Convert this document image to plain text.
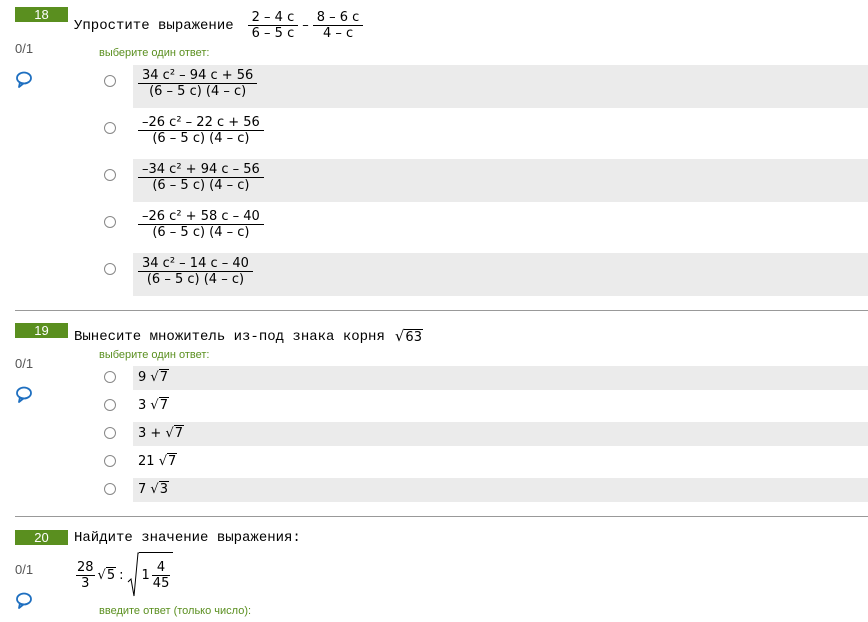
18
0/1
Упростите выражение $\frac{2 - 4 c}{6 - 5 c} - \frac{8 - 6 c}{4 - c}$
выберите один ответ:
$\frac{\text{34 c² – 94 c + 56}}{(6 - 5 c) (4 - c)}$
$\frac{\text{–26 c² – 22 c + 56}}{(6 - 5 c) (4 - c)}$
$\frac{\text{–34 c² + 94 c – 56}}{(6 - 5 c) (4 - c)}$
$\frac{\text{–26 c² + 58 c – 40}}{(6 - 5 c) (4 - c)}$
$\frac{\text{34 c² – 14 c – 40}}{(6 - 5 c) (4 - c)}$
19
0/1
Вынесите множитель из-под знака корня √ 63
выберите один ответ:
9 √ 7
3 √ 7
3 + √ 7
21 √ 7
7 √ 3
20
0/1
Найдите значение выражения:
$\frac{28}{3}$ √ 5 : $1 \frac{4}{45}$
введите ответ (только число):
